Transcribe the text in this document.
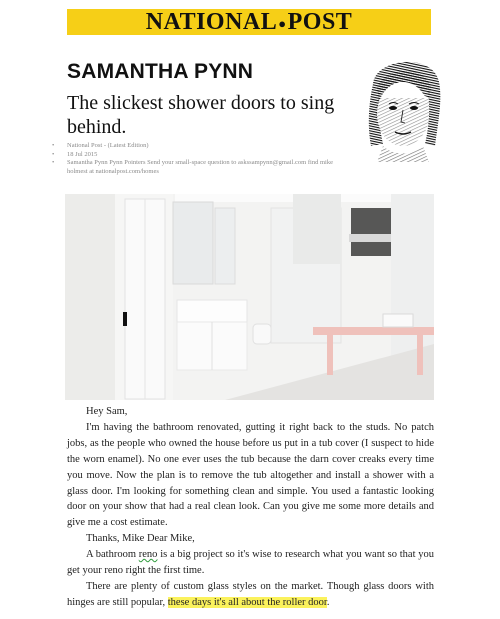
NATIONAL●POST
SAMANTHA PYNN
The slickest shower doors to sing behind.
• National Post - (Latest Edition)
• 18 Jul 2015
• Samantha Pynn Pynn Pointers Send your small-space question to askssampynn@gmail.com find mike holmest at nationalpost.com/homes

Hey Sam,

I'm having the bathroom renovated, gutting it right back to the studs. No patch jobs, as the people who owned the house before us put in a tub cover (I suspect to hide the worn enamel). No one ever uses the tub because the darn cover creaks every time you move. Now the plan is to remove the tub altogether and install a shower with a glass door. I'm looking for something clean and simple. You used a fantastic looking door on your show that had a real clean look. Can you give me some more details and give me a cost estimate.

Thanks, Mike Dear Mike,

A bathroom reno is a big project so it's wise to research what you want so that you get your reno right the first time.

There are plenty of custom glass styles on the market. Though glass doors with hinges are still popular, these days it's all about the roller door.
